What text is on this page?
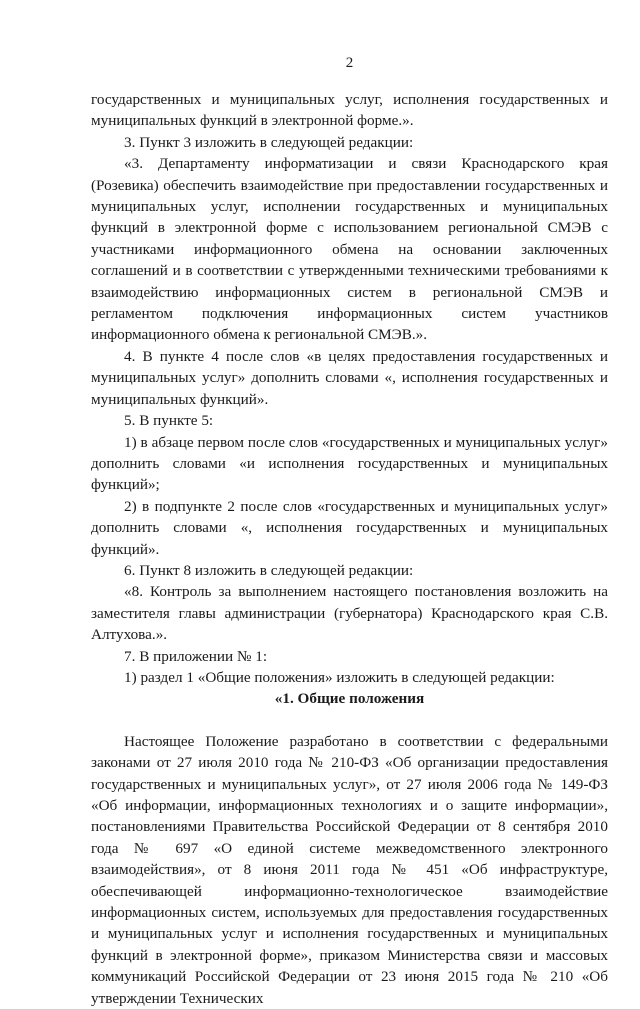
2

государственных и муниципальных услуг, исполнения государственных и муниципальных функций в электронной форме.».

3. Пункт 3 изложить в следующей редакции:

«3. Департаменту информатизации и связи Краснодарского края (Розевика) обеспечить взаимодействие при предоставлении государственных и муниципальных услуг, исполнении государственных и муниципальных функций в электронной форме с использованием региональной СМЭВ с участниками информационного обмена на основании заключенных соглашений и в соответствии с утвержденными техническими требованиями к взаимодействию информационных систем в региональной СМЭВ и регламентом подключения информационных систем участников информационного обмена к региональной СМЭВ.».

4. В пункте 4 после слов «в целях предоставления государственных и муниципальных услуг» дополнить словами «, исполнения государственных и муниципальных функций».

5. В пункте 5:

1) в абзаце первом после слов «государственных и муниципальных услуг» дополнить словами «и исполнения государственных и муниципальных функций»;

2) в подпункте 2 после слов «государственных и муниципальных услуг» дополнить словами «, исполнения государственных и муниципальных функций».

6. Пункт 8 изложить в следующей редакции:

«8. Контроль за выполнением настоящего постановления возложить на заместителя главы администрации (губернатора) Краснодарского края С.В. Алтухова.».

7. В приложении № 1:

1) раздел 1 «Общие положения» изложить в следующей редакции:

«1. Общие положения

Настоящее Положение разработано в соответствии с федеральными законами от 27 июля 2010 года № 210-ФЗ «Об организации предоставления государственных и муниципальных услуг», от 27 июля 2006 года № 149-ФЗ «Об информации, информационных технологиях и о защите информации», постановлениями Правительства Российской Федерации от 8 сентября 2010 года № 697 «О единой системе межведомственного электронного взаимодействия», от 8 июня 2011 года № 451 «Об инфраструктуре, обеспечивающей информационно-технологическое взаимодействие информационных систем, используемых для предоставления государственных и муниципальных услуг и исполнения государственных и муниципальных функций в электронной форме», приказом Министерства связи и массовых коммуникаций Российской Федерации от 23 июня 2015 года № 210 «Об утверждении Технических
